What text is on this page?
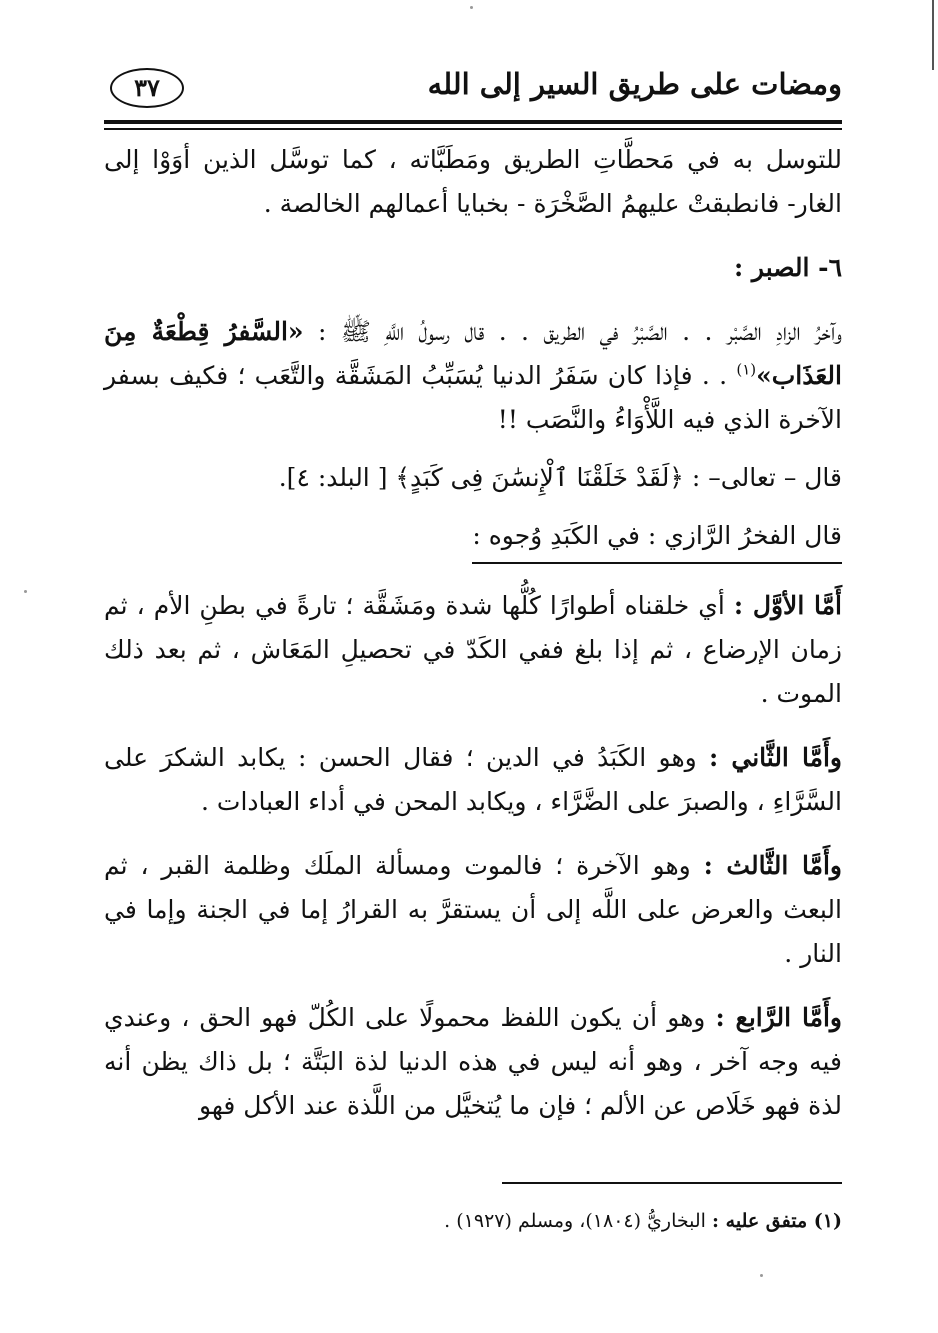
ومضات على طريق السير إلى الله
٣٧

للتوسل به في مَحطَّاتِ الطريق ومَطَبَّاته ، كما توسَّل الذين أوَوْا إلى الغار- فانطبقتْ عليهمُ الصَّخْرَة - بخبايا أعمالهم الخالصة .

٦- الصبر :

وآخرُ الزادِ الصَّبْر . . الصَّبْرُ في الطريق . . قال رسولُ اللَّهِ ﷺ : «السَّفرُ قِطْعَةٌ مِنَ العَذَاب»$^{(١)}$ . . فإذا كان سَفَرُ الدنيا يُسَبِّبُ المَشَقَّة والتَّعَب ؛ فكيف بسفر الآخرة الذي فيه اللَّأْوَاءُ والنَّصَب !!

قال – تعالى– : ﴿لَقَدْ خَلَقْنَا ٱلْإِنسَٰنَ فِى كَبَدٍ﴾ [ البلد: ٤].

قال الفخرُ الرَّازي : في الكَبَدِ وُجوه :

أَمَّا الأوَّل : أي خلقناه أطوارًا كُلُّها شدة ومَشَقَّة ؛ تارةً في بطنِ الأم ، ثم زمان الإرضاع ، ثم إذا بلغ ففي الكَدّ في تحصيلِ المَعَاش ، ثم بعد ذلك الموت .

وأَمَّا الثَّاني : وهو الكَبَدُ في الدين ؛ فقال الحسن : يكابد الشكرَ على السَّرَّاءِ ، والصبرَ على الضَّرَّاء ، ويكابد المحن في أداء العبادات .

وأَمَّا الثَّالث : وهو الآخرة ؛ فالموت ومسألة الملَك وظلمة القبر ، ثم البعث والعرض على اللَّه إلى أن يستقرَّ به القرارُ إما في الجنة وإما في النار .

وأَمَّا الرَّابع : وهو أن يكون اللفظ محمولًا على الكُلّ فهو الحق ، وعندي فيه وجه آخر ، وهو أنه ليس في هذه الدنيا لذة البَتَّة ؛ بل ذاك يظن أنه لذة فهو خَلَاص عن الألم ؛ فإن ما يُتخيَّل من اللَّذة عند الأكل فهو

(١) متفق عليه : البخاريُّ (١٨٠٤)، ومسلم (١٩٢٧) .
